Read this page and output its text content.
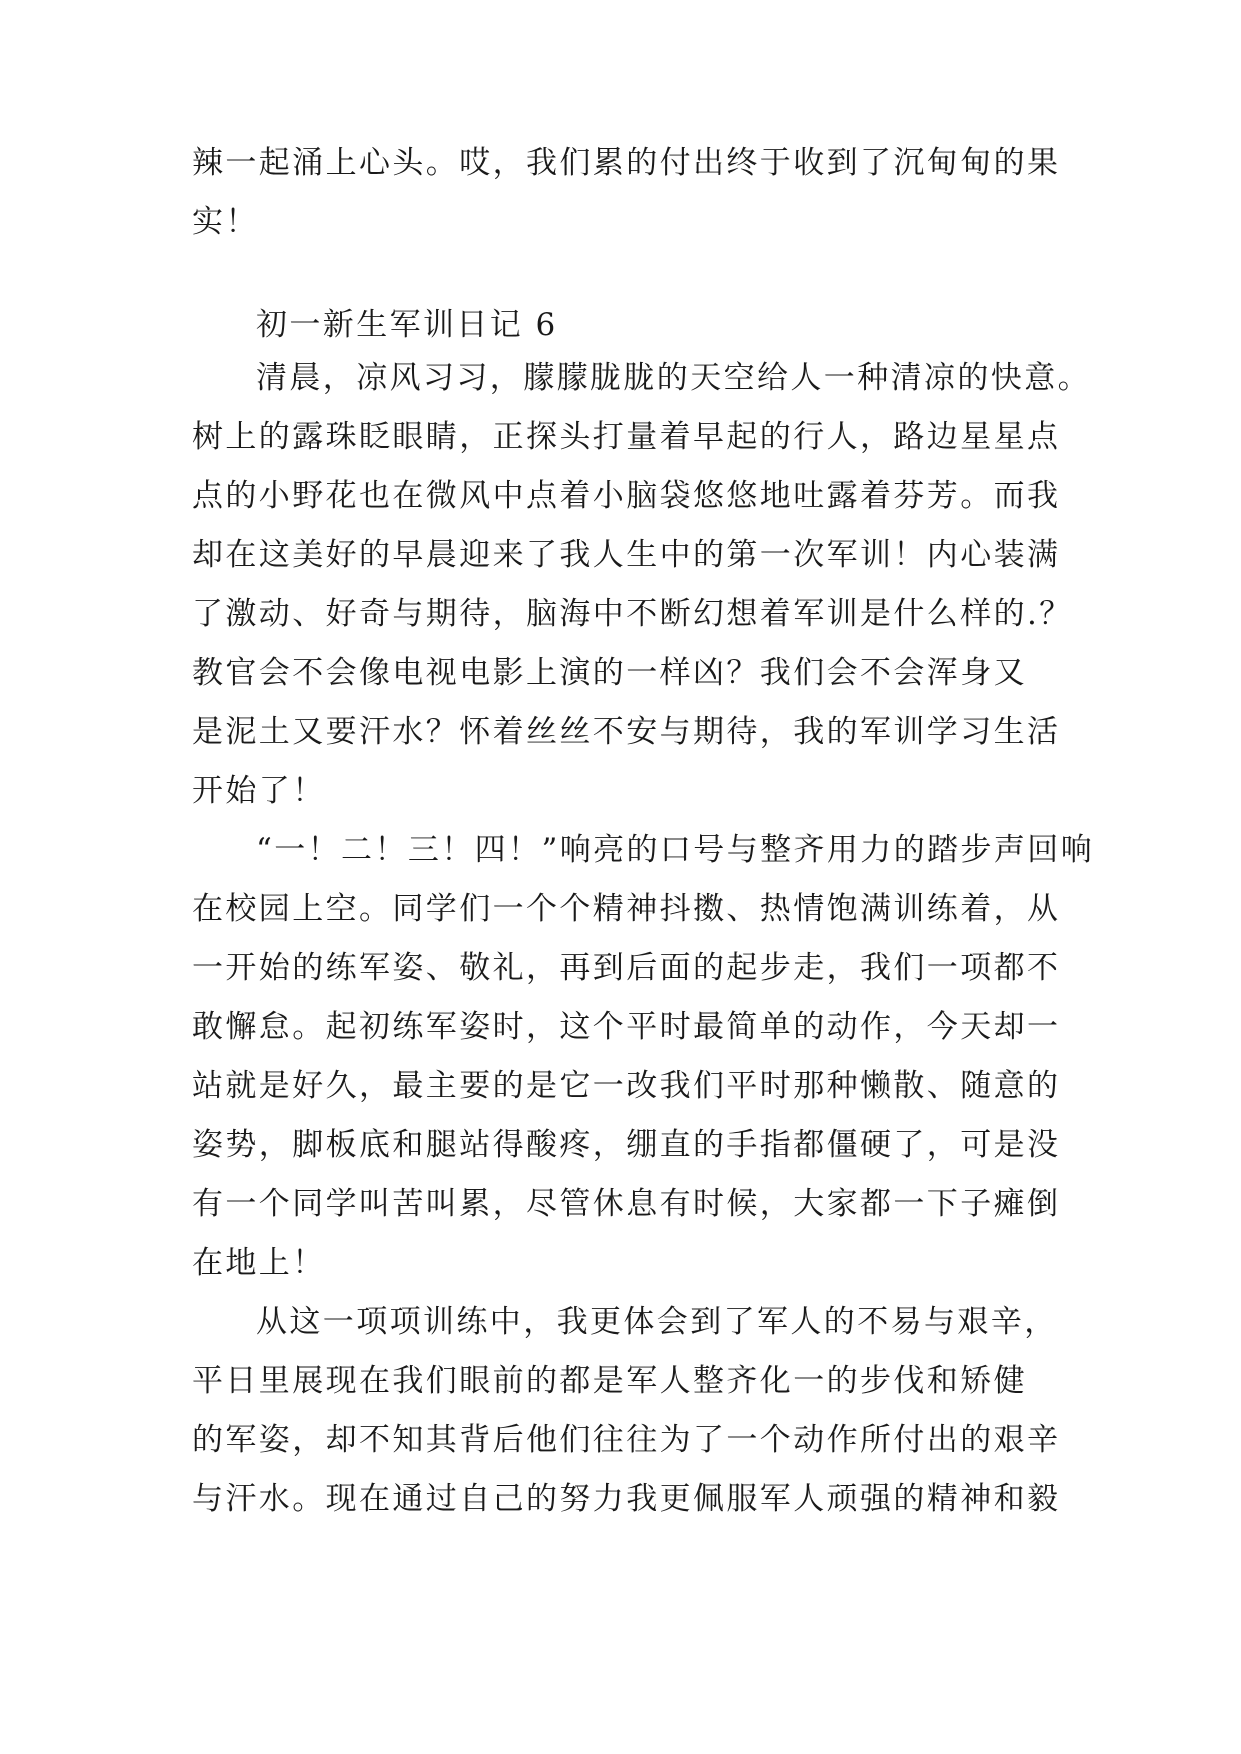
辣一起涌上心头。哎，我们累的付出终于收到了沉甸甸的果
实！
初一新生军训日记 6
清晨，凉风习习，朦朦胧胧的天空给人一种清凉的快意。
树上的露珠眨眼睛，正探头打量着早起的行人，路边星星点
点的小野花也在微风中点着小脑袋悠悠地吐露着芬芳。而我
却在这美好的早晨迎来了我人生中的第一次军训！内心装满
了激动、好奇与期待，脑海中不断幻想着军训是什么样的.？
教官会不会像电视电影上演的一样凶？我们会不会浑身又
是泥土又要汗水？怀着丝丝不安与期待，我的军训学习生活
开始了！
“一！二！三！四！”响亮的口号与整齐用力的踏步声回响
在校园上空。同学们一个个精神抖擞、热情饱满训练着，从
一开始的练军姿、敬礼，再到后面的起步走，我们一项都不
敢懈怠。起初练军姿时，这个平时最简单的动作，今天却一
站就是好久，最主要的是它一改我们平时那种懒散、随意的
姿势，脚板底和腿站得酸疼，绷直的手指都僵硬了，可是没
有一个同学叫苦叫累，尽管休息有时候，大家都一下子瘫倒
在地上！
从这一项项训练中，我更体会到了军人的不易与艰辛，
平日里展现在我们眼前的都是军人整齐化一的步伐和矫健
的军姿，却不知其背后他们往往为了一个动作所付出的艰辛
与汗水。现在通过自己的努力我更佩服军人顽强的精神和毅
